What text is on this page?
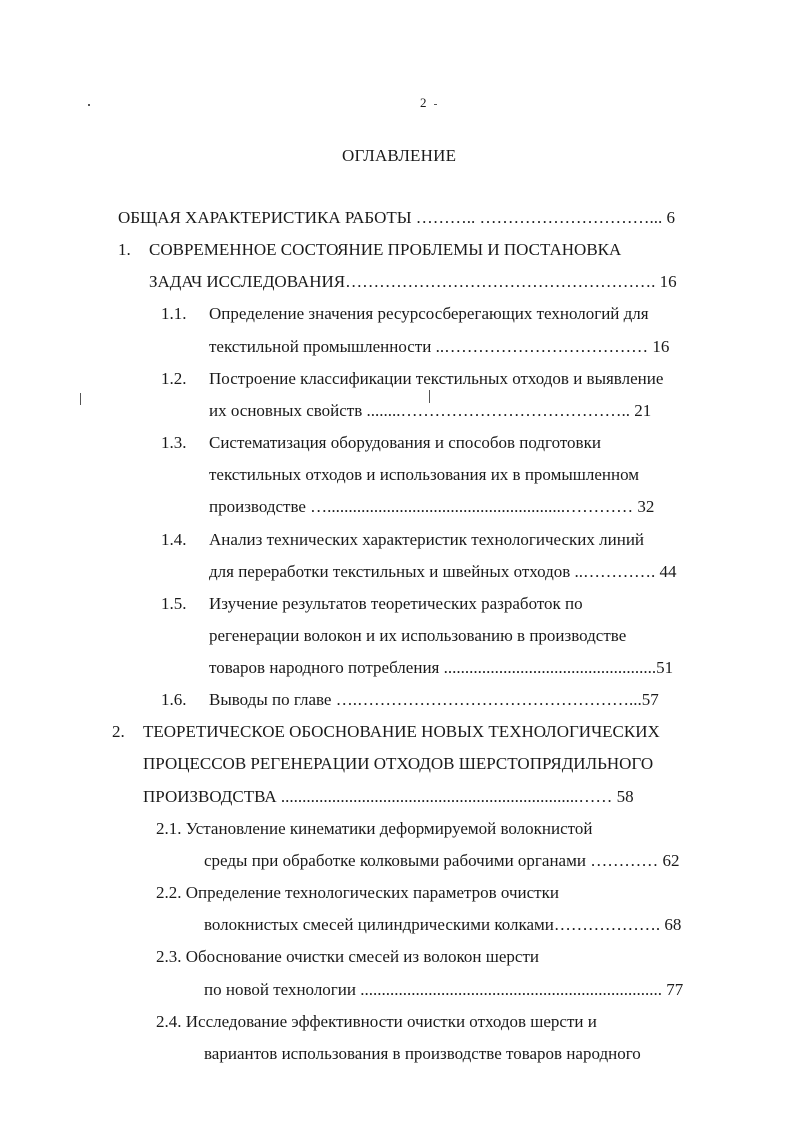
2
ОГЛАВЛЕНИЕ
ОБЩАЯ ХАРАКТЕРИСТИКА РАБОТЫ ……….. …………………………... 6
1. СОВРЕМЕННОЕ СОСТОЯНИЕ ПРОБЛЕМЫ И ПОСТАНОВКА
ЗАДАЧ ИССЛЕДОВАНИЯ………………………………………………. 16
1.1. Определение значения ресурсосберегающих технологий для
текстильной промышленности ..……………………………… 16
1.2. Построение классификации текстильных отходов и выявление
их основных свойств ........………………………………….. 21
1.3. Систематизация оборудования и способов подготовки
текстильных отходов и использования их в промышленном
производстве …........................................................………… 32
1.4. Анализ технических характеристик технологических линий
для переработки текстильных и швейных отходов ..…………. 44
1.5. Изучение результатов теоретических разработок по
регенерации волокон и их использованию в производстве
товаров народного потребления ..................................................51
1.6. Выводы по главе ….…………………………………………...57
2. ТЕОРЕТИЧЕСКОЕ ОБОСНОВАНИЕ НОВЫХ ТЕХНОЛОГИЧЕСКИХ
ПРОЦЕССОВ РЕГЕНЕРАЦИИ ОТХОДОВ ШЕРСТОПРЯДИЛЬНОГО
ПРОИЗВОДСТВА ......................................................................…… 58
2.1. Установление кинематики деформируемой волокнистой
среды при обработке колковыми рабочими органами ………… 62
2.2. Определение технологических параметров очистки
волокнистых смесей цилиндрическими колками………………. 68
2.3. Обоснование очистки смесей из волокон шерсти
по новой технологии ....................................................................... 77
2.4. Исследование эффективности очистки отходов шерсти и
вариантов использования в производстве товаров народного
